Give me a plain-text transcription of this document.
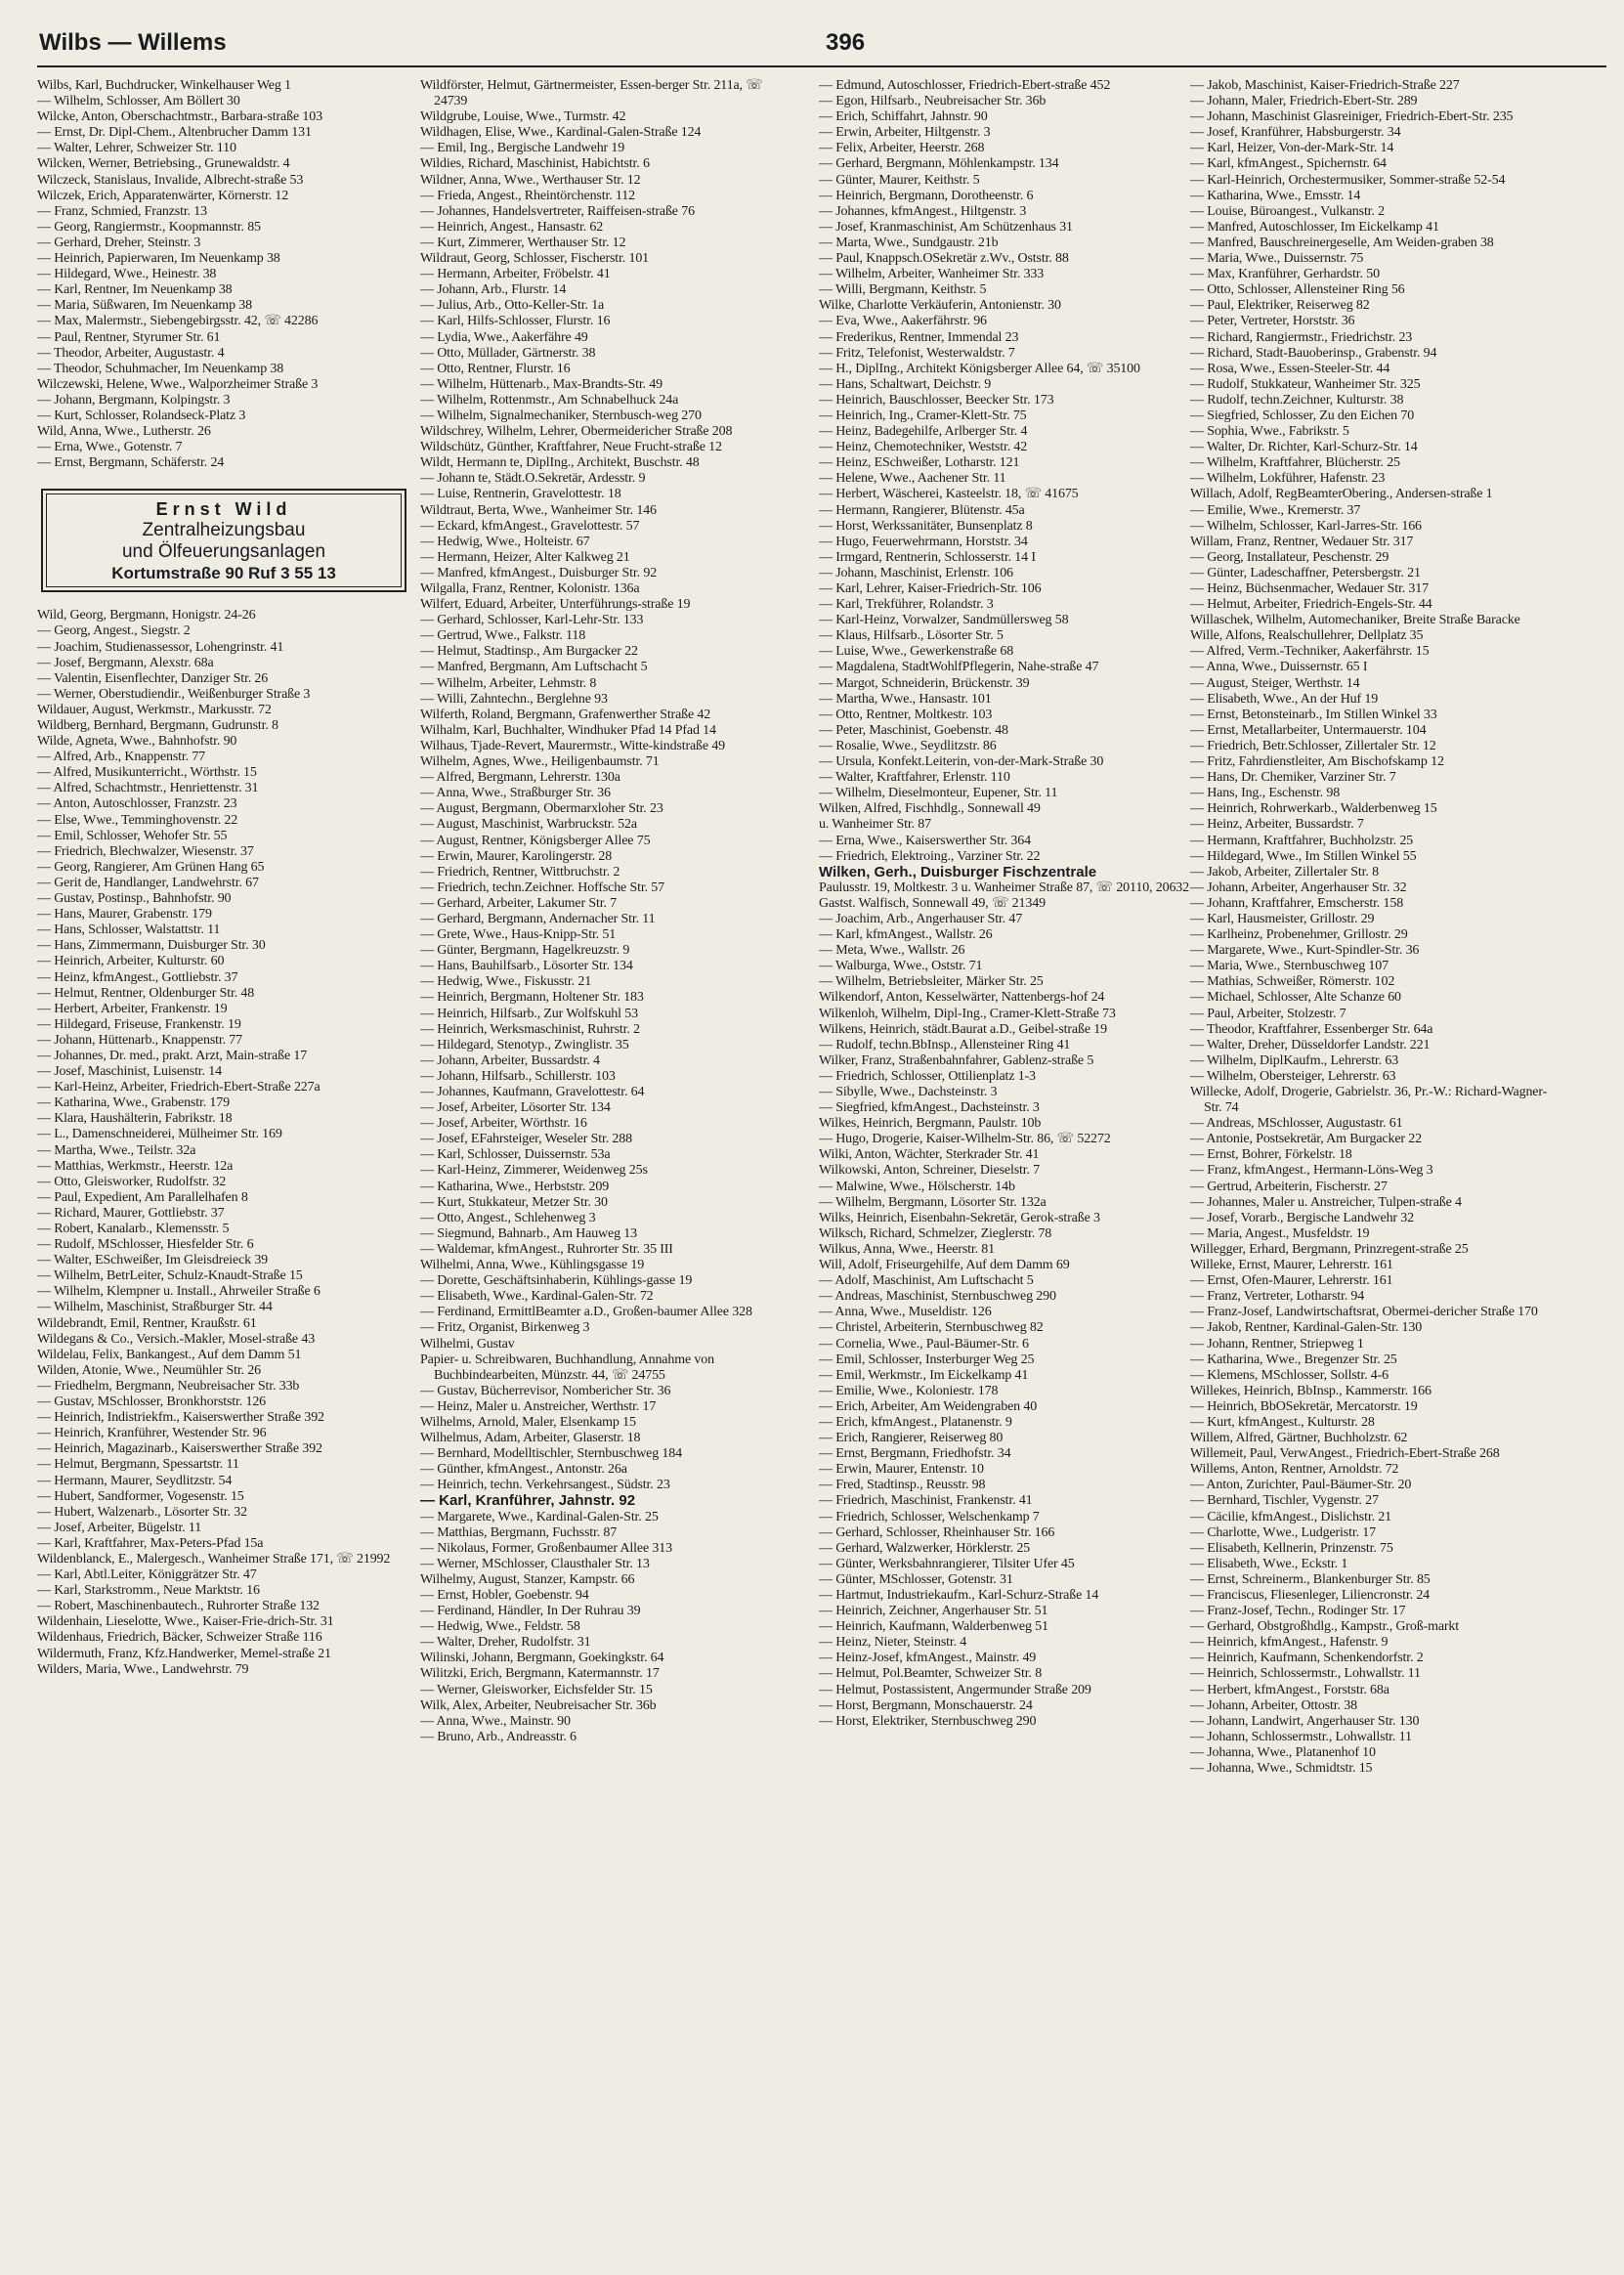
Wilbs — Willems	396
Wilbs, Karl, Buchdrucker, Winkelhauser Weg 1
— Wilhelm, Schlosser, Am Böllert 30
Wilcke, Anton, Oberschachtmstr., Barbara-straße 103
— Ernst, Dr. Dipl-Chem., Altenbrucher Damm 131
— Walter, Lehrer, Schweizer Str. 110
Wilcken, Werner, Betriebsing., Grunewaldstr. 4
Wilczeck, Stanislaus, Invalide, Albrecht-straße 53
Wilczek, Erich, Apparatenwärter, Körnerstr. 12
— Franz, Schmied, Franzstr. 13
— Georg, Rangiermstr., Koopmannstr. 85
— Gerhard, Dreher, Steinstr. 3
— Heinrich, Papierwaren, Im Neuenkamp 38
— Hildegard, Wwe., Heinestr. 38
— Karl, Rentner, Im Neuenkamp 38
— Maria, Süßwaren, Im Neuenkamp 38
— Max, Malermstr., Siebengebirgsstr. 42, ☏ 42286
— Paul, Rentner, Styrumer Str. 61
— Theodor, Arbeiter, Augustastr. 4
— Theodor, Schuhmacher, Im Neuenkamp 38
Wilczewski, Helene, Wwe., Walporzheimer Straße 3
— Johann, Bergmann, Kolpingstr. 3
— Kurt, Schlosser, Rolandseck-Platz 3
Wild, Anna, Wwe., Lutherstr. 26
— Erna, Wwe., Gotenstr. 7
— Ernst, Bergmann, Schäferstr. 24
Ernst Wild
Zentralheizungsbau
und Ölfeuerungsanlagen
Kortumstraße 90 Ruf 3 55 13
Wild, Georg, Bergmann, Honigstr. 24-26
— Georg, Angest., Siegstr. 2
— Joachim, Studienassessor, Lohengrinstr. 41
— Josef, Bergmann, Alexstr. 68a
— Valentin, Eisenflechter, Danziger Str. 26
— Werner, Oberstudiendir., Weißenburger Straße 3
Wildauer, August, Werkmstr., Markusstr. 72
Wildberg, Bernhard, Bergmann, Gudrunstr. 8
Wilde, Agneta, Wwe., Bahnhofstr. 90
— Alfred, Arb., Knappenstr. 77
— Alfred, Musikunterricht., Wörthstr. 15
— Alfred, Schachtmstr., Henriettenstr. 31
— Anton, Autoschlosser, Franzstr. 23
— Else, Wwe., Temminghovenstr. 22
— Emil, Schlosser, Wehofer Str. 55
— Friedrich, Blechwalzer, Wiesenstr. 37
— Georg, Rangierer, Am Grünen Hang 65
— Gerit de, Handlanger, Landwehrstr. 67
— Gustav, Postinsp., Bahnhofstr. 90
— Hans, Maurer, Grabenstr. 179
— Hans, Schlosser, Walstattstr. 11
— Hans, Zimmermann, Duisburger Str. 30
— Heinrich, Arbeiter, Kulturstr. 60
— Heinz, kfmAngest., Gottliebstr. 37
— Helmut, Rentner, Oldenburger Str. 48
— Herbert, Arbeiter, Frankenstr. 19
— Hildegard, Friseuse, Frankenstr. 19
— Johann, Hüttenarb., Knappenstr. 77
— Johannes, Dr. med., prakt. Arzt, Main-straße 17
— Josef, Maschinist, Luisenstr. 14
— Karl-Heinz, Arbeiter, Friedrich-Ebert-Straße 227a
— Katharina, Wwe., Grabenstr. 179
— Klara, Haushälterin, Fabrikstr. 18
— L., Damenschneiderei, Mülheimer Str. 169
— Martha, Wwe., Teilstr. 32a
— Matthias, Werkmstr., Heerstr. 12a
— Otto, Gleisworker, Rudolfstr. 32
— Paul, Expedient, Am Parallelhafen 8
— Richard, Maurer, Gottliebstr. 37
— Robert, Kanalarb., Klemensstr. 5
— Rudolf, MSchlosser, Hiesfelder Str. 6
— Walter, ESchweißer, Im Gleisdreieck 39
— Wilhelm, BetrLeiter, Schulz-Knaudt-Straße 15
— Wilhelm, Klempner u. Install., Ahrweiler Straße 6
— Wilhelm, Maschinist, Straßburger Str. 44
Wildebrandt, Emil, Rentner, Kraußstr. 61
Wildegans & Co., Versich.-Makler, Mosel-straße 43
Wildelau, Felix, Bankangest., Auf dem Damm 51
Wilden, Atonie, Wwe., Neumühler Str. 26
— Friedhelm, Bergmann, Neubreisacher Str. 33b
— Gustav, MSchlosser, Bronkhorststr. 126
— Heinrich, Indistriekfm., Kaiserswerther Straße 392
— Heinrich, Kranführer, Westender Str. 96
— Heinrich, Magazinarb., Kaiserswerther Straße 392
— Helmut, Bergmann, Spessartstr. 11
— Hermann, Maurer, Seydlitzstr. 54
— Hubert, Sandformer, Vogesenstr. 15
— Hubert, Walzenarb., Lösorter Str. 32
— Josef, Arbeiter, Bügelstr. 11
— Karl, Kraftfahrer, Max-Peters-Pfad 15a
Wildenblanck, E., Malergesch., Wanheimer Straße 171, ☏ 21992
— Karl, Abtl.Leiter, Königgrätzer Str. 47
— Karl, Starkstromm., Neue Marktstr. 16
— Robert, Maschinenbautech., Ruhrorter Straße 132
Wildenhain, Lieselotte, Wwe., Kaiser-Frie-drich-Str. 31
Wildenhaus, Friedrich, Bäcker, Schweizer Straße 116
Wildermuth, Franz, Kfz.Handwerker, Memel-straße 21
Wilders, Maria, Wwe., Landwehrstr. 79
Wildförster, Helmut, Gärtnermeister, Essen-berger Str. 211a, ☏ 24739
Wildgrube, Louise, Wwe., Turmstr. 42
Wildhagen, Elise, Wwe., Kardinal-Galen-Straße 124
— Emil, Ing., Bergische Landwehr 19
Wildies, Richard, Maschinist, Habichtstr. 6
Wildner, Anna, Wwe., Werthauser Str. 12
— Frieda, Angest., Rheintörchenstr. 112
— Johannes, Handelsvertreter, Raiffeisen-straße 76
— Heinrich, Angest., Hansastr. 62
— Kurt, Zimmerer, Werthauser Str. 12
Wildraut, Georg, Schlosser, Fischerstr. 101
— Hermann, Arbeiter, Fröbelstr. 41
— Johann, Arb., Flurstr. 14
— Julius, Arb., Otto-Keller-Str. 1a
— Karl, Hilfs-Schlosser, Flurstr. 16
— Lydia, Wwe., Aakerfähre 49
— Otto, Müllader, Gärtnerstr. 38
— Otto, Rentner, Flurstr. 16
— Wilhelm, Hüttenarb., Max-Brandts-Str. 49
— Wilhelm, Rottenmstr., Am Schnabelhuck 24a
— Wilhelm, Signalmechaniker, Sternbusch-weg 270
Wildschrey, Wilhelm, Lehrer, Obermeidericher Straße 208
Wildschütz, Günther, Kraftfahrer, Neue Frucht-straße 12
Wildt, Hermann te, DiplIng., Architekt, Buschstr. 48
— Johann te, Städt.O.Sekretär, Ardesstr. 9
— Luise, Rentnerin, Gravelottestr. 18
Wildtraut, Berta, Wwe., Wanheimer Str. 146
— Eckard, kfmAngest., Gravelottestr. 57
— Hedwig, Wwe., Holteistr. 67
— Hermann, Heizer, Alter Kalkweg 21
— Manfred, kfmAngest., Duisburger Str. 92
Wilgalla, Franz, Rentner, Kolonistr. 136a
Wilfert, Eduard, Arbeiter, Unterführungs-straße 19
— Gerhard, Schlosser, Karl-Lehr-Str. 133
— Gertrud, Wwe., Falkstr. 118
— Helmut, Stadtinsp., Am Burgacker 22
— Manfred, Bergmann, Am Luftschacht 5
— Wilhelm, Arbeiter, Lehmstr. 8
— Willi, Zahntechn., Berglehne 93
Wilferth, Roland, Bergmann, Grafenwerther Straße 42
Wilhalm, Karl, Buchhalter, Windhuker Pfad 14 Pfad 14
Wilhaus, Tjade-Revert, Maurermstr., Witte-kindstraße 49
Wilhelm, Agnes, Wwe., Heiligenbaumstr. 71
— Alfred, Bergmann, Lehrerstr. 130a
— Anna, Wwe., Straßburger Str. 36
— August, Bergmann, Obermarxloher Str. 23
— August, Maschinist, Warbruckstr. 52a
— August, Rentner, Königsberger Allee 75
— Erwin, Maurer, Karolingerstr. 28
— Friedrich, Rentner, Wittbruchstr. 2
— Friedrich, techn.Zeichner. Hoffsche Str. 57
— Gerhard, Arbeiter, Lakumer Str. 7
— Gerhard, Bergmann, Andernacher Str. 11
— Grete, Wwe., Haus-Knipp-Str. 51
— Günter, Bergmann, Hagelkreuzstr. 9
— Hans, Bauhilfsarb., Lösorter Str. 134
— Hedwig, Wwe., Fiskusstr. 21
— Heinrich, Bergmann, Holtener Str. 183
— Heinrich, Hilfsarb., Zur Wolfskuhl 53
— Heinrich, Werksmaschinist, Ruhrstr. 2
— Hildegard, Stenotyp., Zwinglistr. 35
— Johann, Arbeiter, Bussardstr. 4
— Johann, Hilfsarb., Schillerstr. 103
— Johannes, Kaufmann, Gravelottestr. 64
— Josef, Arbeiter, Lösorter Str. 134
— Josef, Arbeiter, Wörthstr. 16
— Josef, EFahrsteiger, Weseler Str. 288
— Karl, Schlosser, Duissernstr. 53a
— Karl-Heinz, Zimmerer, Weidenweg 25s
— Katharina, Wwe., Herbststr. 209
— Kurt, Stukkateur, Metzer Str. 30
— Otto, Angest., Schlehenweg 3
— Siegmund, Bahnarb., Am Hauweg 13
— Waldemar, kfmAngest., Ruhrorter Str. 35 III
Wilhelmi, Anna, Wwe., Kühlingsgasse 19
— Dorette, Geschäftsinhaberin, Kühlings-gasse 19
— Elisabeth, Wwe., Kardinal-Galen-Str. 72
— Ferdinand, ErmittlBeamter a.D., Großen-baumer Allee 328
— Fritz, Organist, Birkenweg 3
Wilhelmi, Gustav
Papier- u. Schreibwaren, Buchhandlung, Annahme von Buchbindearbeiten, Münzstr. 44, ☏ 24755
— Gustav, Bücherrevisor, Nombericher Str. 36
— Heinz, Maler u. Anstreicher, Werthstr. 17
Wilhelms, Arnold, Maler, Elsenkamp 15
Wilhelmus, Adam, Arbeiter, Glaserstr. 18
— Bernhard, Modelltischler, Sternbuschweg 184
— Günther, kfmAngest., Antonstr. 26a
— Heinrich, techn. Verkehrsangest., Südstr. 23
— Karl, Kranführer, Jahnstr. 92
— Margarete, Wwe., Kardinal-Galen-Str. 25
— Matthias, Bergmann, Fuchsstr. 87
— Nikolaus, Former, Großenbaumer Allee 313
— Werner, MSchlosser, Clausthaler Str. 13
Wilhelmy, August, Stanzer, Kampstr. 66
— Ernst, Hobler, Goebenstr. 94
— Ferdinand, Händler, In Der Ruhrau 39
— Hedwig, Wwe., Feldstr. 58
— Walter, Dreher, Rudolfstr. 31
Wilinski, Johann, Bergmann, Goekingkstr. 64
Wilitzki, Erich, Bergmann, Katermannstr. 17
— Werner, Gleisworker, Eichsfelder Str. 15
Wilk, Alex, Arbeiter, Neubreisacher Str. 36b
— Anna, Wwe., Mainstr. 90
— Bruno, Arb., Andreasstr. 6
— Edmund, Autoschlosser, Friedrich-Ebert-straße 452
— Egon, Hilfsarb., Neubreisacher Str. 36b
— Erich, Schiffahrt, Jahnstr. 90
— Erwin, Arbeiter, Hiltgenstr. 3
— Felix, Arbeiter, Heerstr. 268
— Gerhard, Bergmann, Möhlenkampstr. 134
— Günter, Maurer, Keithstr. 5
— Heinrich, Bergmann, Dorotheenstr. 6
— Johannes, kfmAngest., Hiltgenstr. 3
— Josef, Kranmaschinist, Am Schützenhaus 31
— Marta, Wwe., Sundgaustr. 21b
— Paul, Knappsch.OSekretär z.Wv., Oststr. 88
— Wilhelm, Arbeiter, Wanheimer Str. 333
— Willi, Bergmann, Keithstr. 5
Wilke, Charlotte Verkäuferin, Antonienstr. 30
— Eva, Wwe., Aakerfährstr. 96
— Frederikus, Rentner, Immendal 23
— Fritz, Telefonist, Westerwaldstr. 7
— H., DiplIng., Architekt Königsberger Allee 64, ☏ 35100
— Hans, Schaltwart, Deichstr. 9
— Heinrich, Bauschlosser, Beecker Str. 173
— Heinrich, Ing., Cramer-Klett-Str. 75
— Heinz, Badegehilfe, Arlberger Str. 4
— Heinz, Chemotechniker, Weststr. 42
— Heinz, ESchweißer, Lotharstr. 121
— Helene, Wwe., Aachener Str. 11
— Herbert, Wäscherei, Kasteelstr. 18, ☏ 41675
— Hermann, Rangierer, Blütenstr. 45a
— Horst, Werkssanitäter, Bunsenplatz 8
— Hugo, Feuerwehrmann, Horststr. 34
— Irmgard, Rentnerin, Schlosserstr. 14 I
— Johann, Maschinist, Erlenstr. 106
— Karl, Lehrer, Kaiser-Friedrich-Str. 106
— Karl, Trekführer, Rolandstr. 3
— Karl-Heinz, Vorwalzer, Sandmüllersweg 58
— Klaus, Hilfsarb., Lösorter Str. 5
— Luise, Wwe., Gewerkenstraße 68
— Magdalena, StadtWohlfPflegerin, Nahe-straße 47
— Margot, Schneiderin, Brückenstr. 39
— Martha, Wwe., Hansastr. 101
— Otto, Rentner, Moltkestr. 103
— Peter, Maschinist, Goebenstr. 48
— Rosalie, Wwe., Seydlitzstr. 86
— Ursula, Konfekt.Leiterin, von-der-Mark-Straße 30
— Walter, Kraftfahrer, Erlenstr. 110
— Wilhelm, Dieselmonteur, Eupener, Str. 11
Wilken, Alfred, Fischhdlg., Sonnewall 49
u. Wanheimer Str. 87
— Erna, Wwe., Kaiserswerther Str. 364
— Friedrich, Elektroing., Varziner Str. 22
Wilken, Gerh., Duisburger Fischzentrale
Paulusstr. 19, Moltkestr. 3 u. Wanheimer Straße 87, ☏ 20110, 20632
Gastst. Walfisch, Sonnewall 49, ☏ 21349
— Joachim, Arb., Angerhauser Str. 47
— Karl, kfmAngest., Wallstr. 26
— Meta, Wwe., Wallstr. 26
— Walburga, Wwe., Oststr. 71
— Wilhelm, Betriebsleiter, Märker Str. 25
Wilkendorf, Anton, Kesselwärter, Nattenbergs-hof 24
Wilkenloh, Wilhelm, Dipl-Ing., Cramer-Klett-Straße 73
Wilkens, Heinrich, städt.Baurat a.D., Geibel-straße 19
— Rudolf, techn.BbInsp., Allensteiner Ring 41
Wilker, Franz, Straßenbahnfahrer, Gablenz-straße 5
— Friedrich, Schlosser, Ottilienplatz 1-3
— Sibylle, Wwe., Dachsteinstr. 3
— Siegfried, kfmAngest., Dachsteinstr. 3
Wilkes, Heinrich, Bergmann, Paulstr. 10b
— Hugo, Drogerie, Kaiser-Wilhelm-Str. 86, ☏ 52272
Wilki, Anton, Wächter, Sterkrader Str. 41
Wilkowski, Anton, Schreiner, Dieselstr. 7
— Malwine, Wwe., Hölscherstr. 14b
— Wilhelm, Bergmann, Lösorter Str. 132a
Wilks, Heinrich, Eisenbahn-Sekretär, Gerok-straße 3
Wilksch, Richard, Schmelzer, Zieglerstr. 78
Wilkus, Anna, Wwe., Heerstr. 81
Will, Adolf, Friseurgehilfe, Auf dem Damm 69
— Adolf, Maschinist, Am Luftschacht 5
— Andreas, Maschinist, Sternbuschweg 290
— Anna, Wwe., Museldistr. 126
— Christel, Arbeiterin, Sternbuschweg 82
— Cornelia, Wwe., Paul-Bäumer-Str. 6
— Emil, Schlosser, Insterburger Weg 25
— Emil, Werkmstr., Im Eickelkamp 41
— Emilie, Wwe., Koloniestr. 178
— Erich, Arbeiter, Am Weidengraben 40
— Erich, kfmAngest., Platanenstr. 9
— Erich, Rangierer, Reiserweg 80
— Ernst, Bergmann, Friedhofstr. 34
— Erwin, Maurer, Entenstr. 10
— Fred, Stadtinsp., Reusstr. 98
— Friedrich, Maschinist, Frankenstr. 41
— Friedrich, Schlosser, Welschenkamp 7
— Gerhard, Schlosser, Rheinhauser Str. 166
— Gerhard, Walzwerker, Hörklerstr. 25
— Günter, Werksbahnrangierer, Tilsiter Ufer 45
— Günter, MSchlosser, Gotenstr. 31
— Hartmut, Industriekaufm., Karl-Schurz-Straße 14
— Heinrich, Zeichner, Angerhauser Str. 51
— Heinrich, Kaufmann, Walderbenweg 51
— Heinz, Nieter, Steinstr. 4
— Heinz-Josef, kfmAngest., Mainstr. 49
— Helmut, Pol.Beamter, Schweizer Str. 8
— Helmut, Postassistent, Angermunder Straße 209
— Horst, Bergmann, Monschauerstr. 24
— Horst, Elektriker, Sternbuschweg 290
— Jakob, Maschinist, Kaiser-Friedrich-Straße 227
— Johann, Maler, Friedrich-Ebert-Str. 289
— Johann, Maschinist Glasreiniger, Friedrich-Ebert-Str. 235
— Josef, Kranführer, Habsburgerstr. 34
— Karl, Heizer, Von-der-Mark-Str. 14
— Karl, kfmAngest., Spichernstr. 64
— Karl-Heinrich, Orchestermusiker, Sommer-straße 52-54
— Katharina, Wwe., Emsstr. 14
— Louise, Büroangest., Vulkanstr. 2
— Manfred, Autoschlosser, Im Eickelkamp 41
— Manfred, Bauschreinergeselle, Am Weiden-graben 38
— Maria, Wwe., Duissernstr. 75
— Max, Kranführer, Gerhardstr. 50
— Otto, Schlosser, Allensteiner Ring 56
— Paul, Elektriker, Reiserweg 82
— Peter, Vertreter, Horststr. 36
— Richard, Rangiermstr., Friedrichstr. 23
— Richard, Stadt-Bauoberinsp., Grabenstr. 94
— Rosa, Wwe., Essen-Steeler-Str. 44
— Rudolf, Stukkateur, Wanheimer Str. 325
— Rudolf, techn.Zeichner, Kulturstr. 38
— Siegfried, Schlosser, Zu den Eichen 70
— Sophia, Wwe., Fabrikstr. 5
— Walter, Dr. Richter, Karl-Schurz-Str. 14
— Wilhelm, Kraftfahrer, Blücherstr. 25
— Wilhelm, Lokführer, Hafenstr. 23
Willach, Adolf, RegBeamterObering., Andersen-straße 1
— Emilie, Wwe., Kremerstr. 37
— Wilhelm, Schlosser, Karl-Jarres-Str. 166
Willam, Franz, Rentner, Wedauer Str. 317
— Georg, Installateur, Peschenstr. 29
— Günter, Ladeschaffner, Petersbergstr. 21
— Heinz, Büchsenmacher, Wedauer Str. 317
— Helmut, Arbeiter, Friedrich-Engels-Str. 44
Willaschek, Wilhelm, Automechaniker, Breite Straße Baracke
Wille, Alfons, Realschullehrer, Dellplatz 35
— Alfred, Verm.-Techniker, Aakerfährstr. 15
— Anna, Wwe., Duissernstr. 65 I
— August, Steiger, Werthstr. 14
— Elisabeth, Wwe., An der Huf 19
— Ernst, Betonsteinarb., Im Stillen Winkel 33
— Ernst, Metallarbeiter, Untermauerstr. 104
— Friedrich, Betr.Schlosser, Zillertaler Str. 12
— Fritz, Fahrdienstleiter, Am Bischofskamp 12
— Hans, Dr. Chemiker, Varziner Str. 7
— Hans, Ing., Eschenstr. 98
— Heinrich, Rohrwerkarb., Walderbenweg 15
— Heinz, Arbeiter, Bussardstr. 7
— Hermann, Kraftfahrer, Buchholzstr. 25
— Hildegard, Wwe., Im Stillen Winkel 55
— Jakob, Arbeiter, Zillertaler Str. 8
— Johann, Arbeiter, Angerhauser Str. 32
— Johann, Kraftfahrer, Emscherstr. 158
— Karl, Hausmeister, Grillostr. 29
— Karlheinz, Probenehmer, Grillostr. 29
— Margarete, Wwe., Kurt-Spindler-Str. 36
— Maria, Wwe., Sternbuschweg 107
— Mathias, Schweißer, Römerstr. 102
— Michael, Schlosser, Alte Schanze 60
— Paul, Arbeiter, Stolzestr. 7
— Theodor, Kraftfahrer, Essenberger Str. 64a
— Walter, Dreher, Düsseldorfer Landstr. 221
— Wilhelm, DiplKaufm., Lehrerstr. 63
— Wilhelm, Obersteiger, Lehrerstr. 63
Willecke, Adolf, Drogerie, Gabrielstr. 36, Pr.-W.: Richard-Wagner-Str. 74
— Andreas, MSchlosser, Augustastr. 61
— Antonie, Postsekretär, Am Burgacker 22
— Ernst, Bohrer, Förkelstr. 18
— Franz, kfmAngest., Hermann-Löns-Weg 3
— Gertrud, Arbeiterin, Fischerstr. 27
— Johannes, Maler u. Anstreicher, Tulpen-straße 4
— Josef, Vorarb., Bergische Landwehr 32
— Maria, Angest., Musfeldstr. 19
Willegger, Erhard, Bergmann, Prinzregent-straße 25
Willeke, Ernst, Maurer, Lehrerstr. 161
— Ernst, Ofen-Maurer, Lehrerstr. 161
— Franz, Vertreter, Lotharstr. 94
— Franz-Josef, Landwirtschaftsrat, Obermei-dericher Straße 170
— Jakob, Rentner, Kardinal-Galen-Str. 130
— Johann, Rentner, Striepweg 1
— Katharina, Wwe., Bregenzer Str. 25
— Klemens, MSchlosser, Sollstr. 4-6
Willekes, Heinrich, BbInsp., Kammerstr. 166
— Heinrich, BbOSekretär, Mercatorstr. 19
— Kurt, kfmAngest., Kulturstr. 28
Willem, Alfred, Gärtner, Buchholzstr. 62
Willemeit, Paul, VerwAngest., Friedrich-Ebert-Straße 268
Willems, Anton, Rentner, Arnoldstr. 72
— Anton, Zurichter, Paul-Bäumer-Str. 20
— Bernhard, Tischler, Vygenstr. 27
— Cäcilie, kfmAngest., Dislichstr. 21
— Charlotte, Wwe., Ludgeristr. 17
— Elisabeth, Kellnerin, Prinzenstr. 75
— Elisabeth, Wwe., Eckstr. 1
— Ernst, Schreinerm., Blankenburger Str. 85
— Franciscus, Fliesenleger, Liliencronstr. 24
— Franz-Josef, Techn., Rodinger Str. 17
— Gerhard, Obstgroßhdlg., Kampstr., Groß-markt
— Heinrich, kfmAngest., Hafenstr. 9
— Heinrich, Kaufmann, Schenkendorfstr. 2
— Heinrich, Schlossermstr., Lohwallstr. 11
— Herbert, kfmAngest., Forststr. 68a
— Johann, Arbeiter, Ottostr. 38
— Johann, Landwirt, Angerhauser Str. 130
— Johann, Schlossermstr., Lohwallstr. 11
— Johanna, Wwe., Platanenhof 10
— Johanna, Wwe., Schmidtstr. 15
